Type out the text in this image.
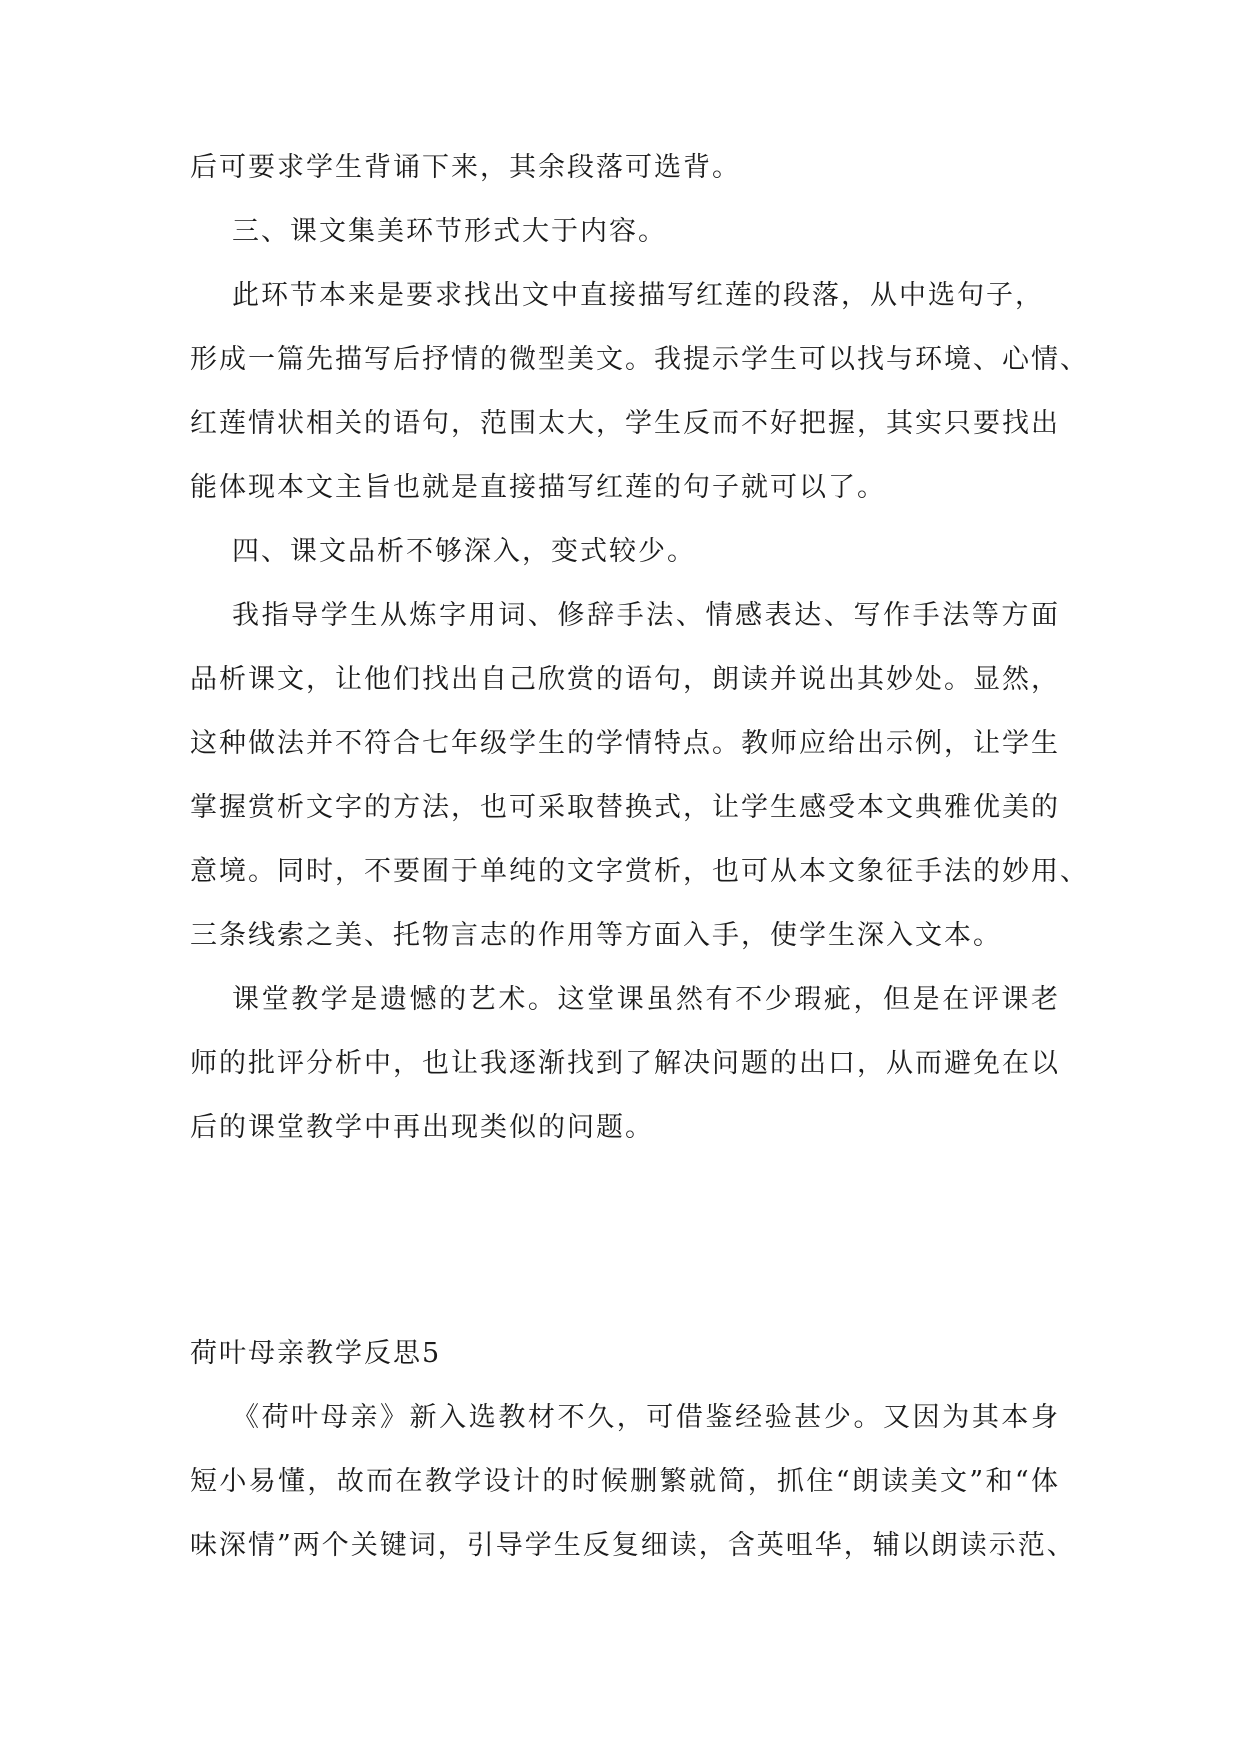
后可要求学生背诵下来，其余段落可选背。

三、课文集美环节形式大于内容。

此环节本来是要求找出文中直接描写红莲的段落，从中选句子，

形成一篇先描写后抒情的微型美文。我提示学生可以找与环境、心情、

红莲情状相关的语句，范围太大，学生反而不好把握，其实只要找出

能体现本文主旨也就是直接描写红莲的句子就可以了。

四、课文品析不够深入，变式较少。

我指导学生从炼字用词、修辞手法、情感表达、写作手法等方面

品析课文，让他们找出自己欣赏的语句，朗读并说出其妙处。显然，

这种做法并不符合七年级学生的学情特点。教师应给出示例，让学生

掌握赏析文字的方法，也可采取替换式，让学生感受本文典雅优美的

意境。同时，不要囿于单纯的文字赏析，也可从本文象征手法的妙用、

三条线索之美、托物言志的作用等方面入手，使学生深入文本。

课堂教学是遗憾的艺术。这堂课虽然有不少瑕疵，但是在评课老

师的批评分析中，也让我逐渐找到了解决问题的出口，从而避免在以

后的课堂教学中再出现类似的问题。

荷叶母亲教学反思5

《荷叶母亲》新入选教材不久，可借鉴经验甚少。又因为其本身

短小易懂，故而在教学设计的时候删繁就简，抓住“朗读美文”和“体

味深情”两个关键词，引导学生反复细读，含英咀华，辅以朗读示范、
